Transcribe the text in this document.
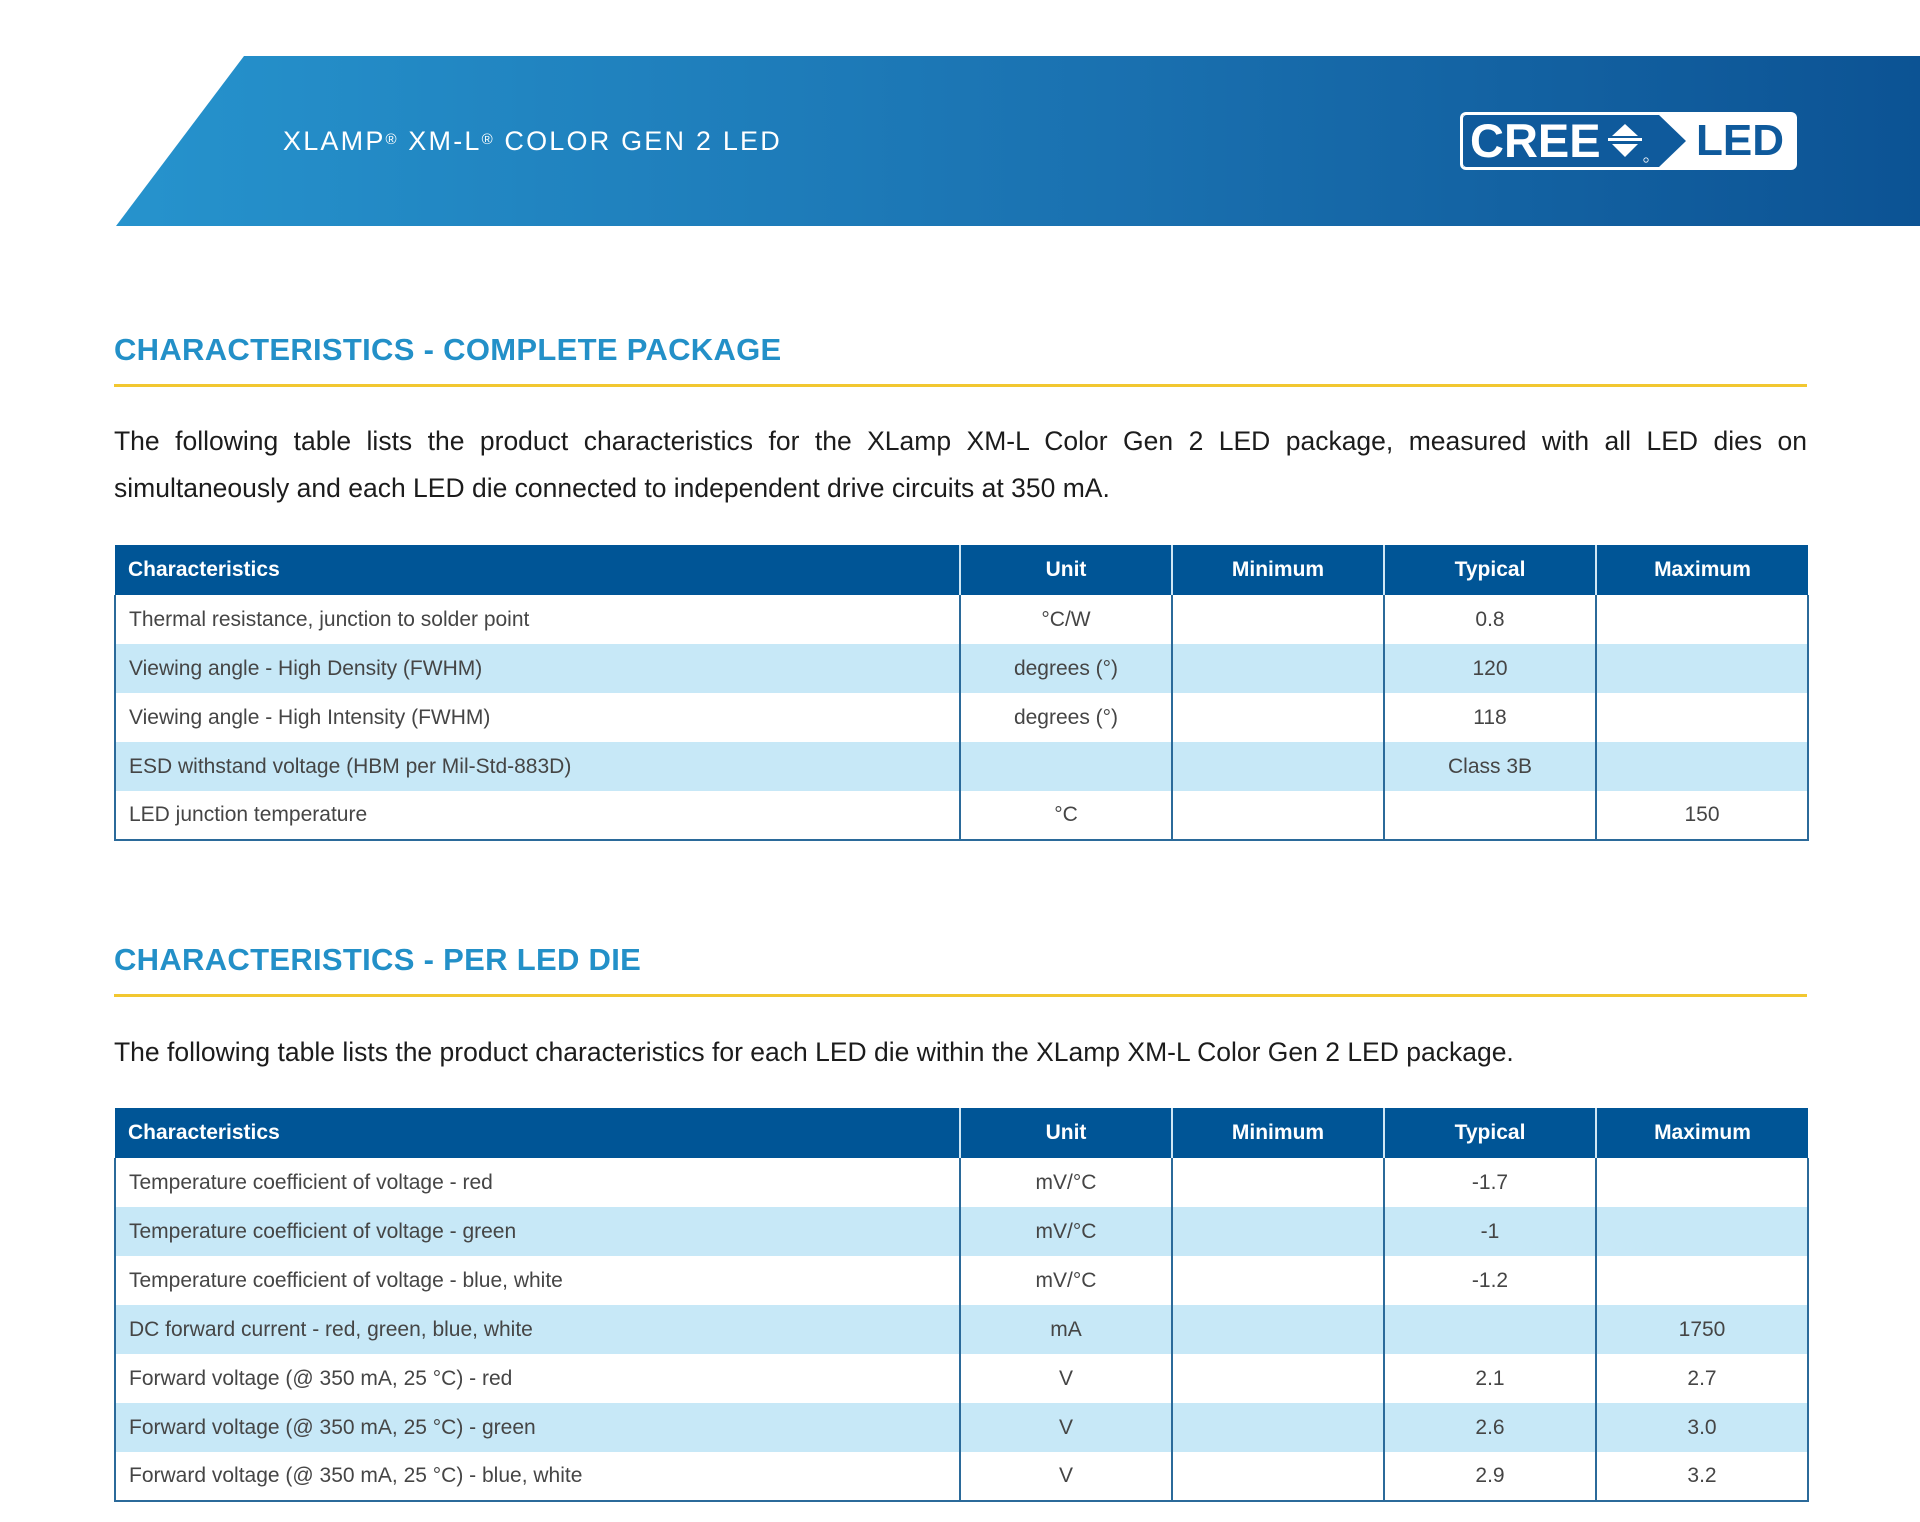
XLAMP® XM-L® COLOR GEN 2 LED	CREE LED
CHARACTERISTICS - COMPLETE PACKAGE
The following table lists the product characteristics for the XLamp XM-L Color Gen 2 LED package, measured with all LED dies on simultaneously and each LED die connected to independent drive circuits at 350 mA.
Characteristics	Unit	Minimum	Typical	Maximum
Thermal resistance, junction to solder point	°C/W		0.8	
Viewing angle - High Density (FWHM)	degrees (°)		120	
Viewing angle - High Intensity (FWHM)	degrees (°)		118	
ESD withstand voltage (HBM per Mil-Std-883D)			Class 3B	
LED junction temperature	°C			150
CHARACTERISTICS - PER LED DIE
The following table lists the product characteristics for each LED die within the XLamp XM-L Color Gen 2 LED package.
Characteristics	Unit	Minimum	Typical	Maximum
Temperature coefficient of voltage - red	mV/°C		-1.7	
Temperature coefficient of voltage - green	mV/°C		-1	
Temperature coefficient of voltage - blue, white	mV/°C		-1.2	
DC forward current - red, green, blue, white	mA			1750
Forward voltage (@ 350 mA, 25 °C) - red	V		2.1	2.7
Forward voltage (@ 350 mA, 25 °C) - green	V		2.6	3.0
Forward voltage (@ 350 mA, 25 °C) - blue, white	V		2.9	3.2
